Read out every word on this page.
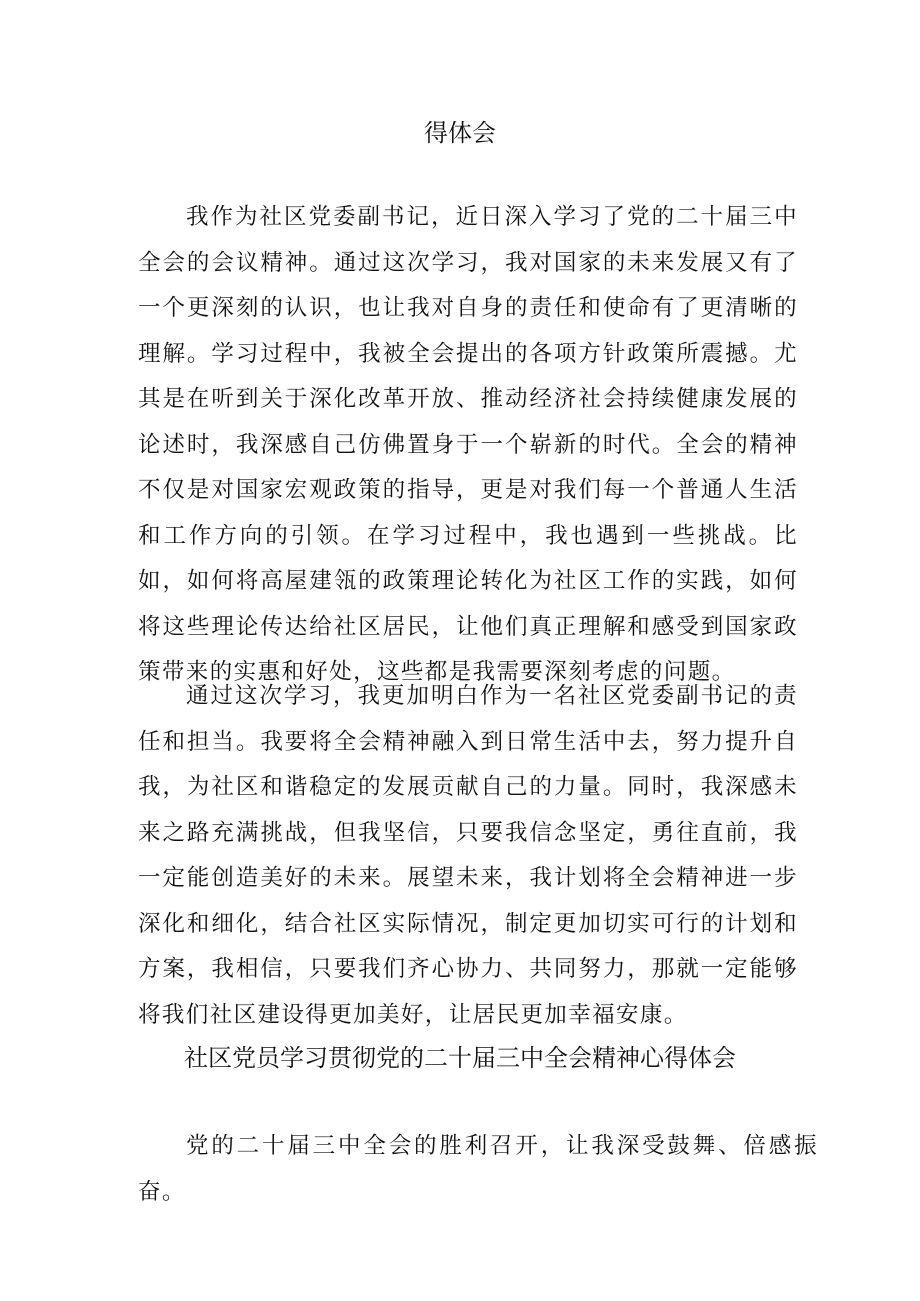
得体会

我作为社区党委副书记，近日深入学习了党的二十届三中全会的会议精神。通过这次学习，我对国家的未来发展又有了一个更深刻的认识，也让我对自身的责任和使命有了更清晰的理解。学习过程中，我被全会提出的各项方针政策所震撼。尤其是在听到关于深化改革开放、推动经济社会持续健康发展的论述时，我深感自己仿佛置身于一个崭新的时代。全会的精神不仅是对国家宏观政策的指导，更是对我们每一个普通人生活和工作方向的引领。在学习过程中，我也遇到一些挑战。比如，如何将高屋建瓴的政策理论转化为社区工作的实践，如何将这些理论传达给社区居民，让他们真正理解和感受到国家政策带来的实惠和好处，这些都是我需要深刻考虑的问题。

通过这次学习，我更加明白作为一名社区党委副书记的责任和担当。我要将全会精神融入到日常生活中去，努力提升自我，为社区和谐稳定的发展贡献自己的力量。同时，我深感未来之路充满挑战，但我坚信，只要我信念坚定，勇往直前，我一定能创造美好的未来。展望未来，我计划将全会精神进一步深化和细化，结合社区实际情况，制定更加切实可行的计划和方案，我相信，只要我们齐心协力、共同努力，那就一定能够将我们社区建设得更加美好，让居民更加幸福安康。

社区党员学习贯彻党的二十届三中全会精神心得体会

党的二十届三中全会的胜利召开，让我深受鼓舞、倍感振奋。
